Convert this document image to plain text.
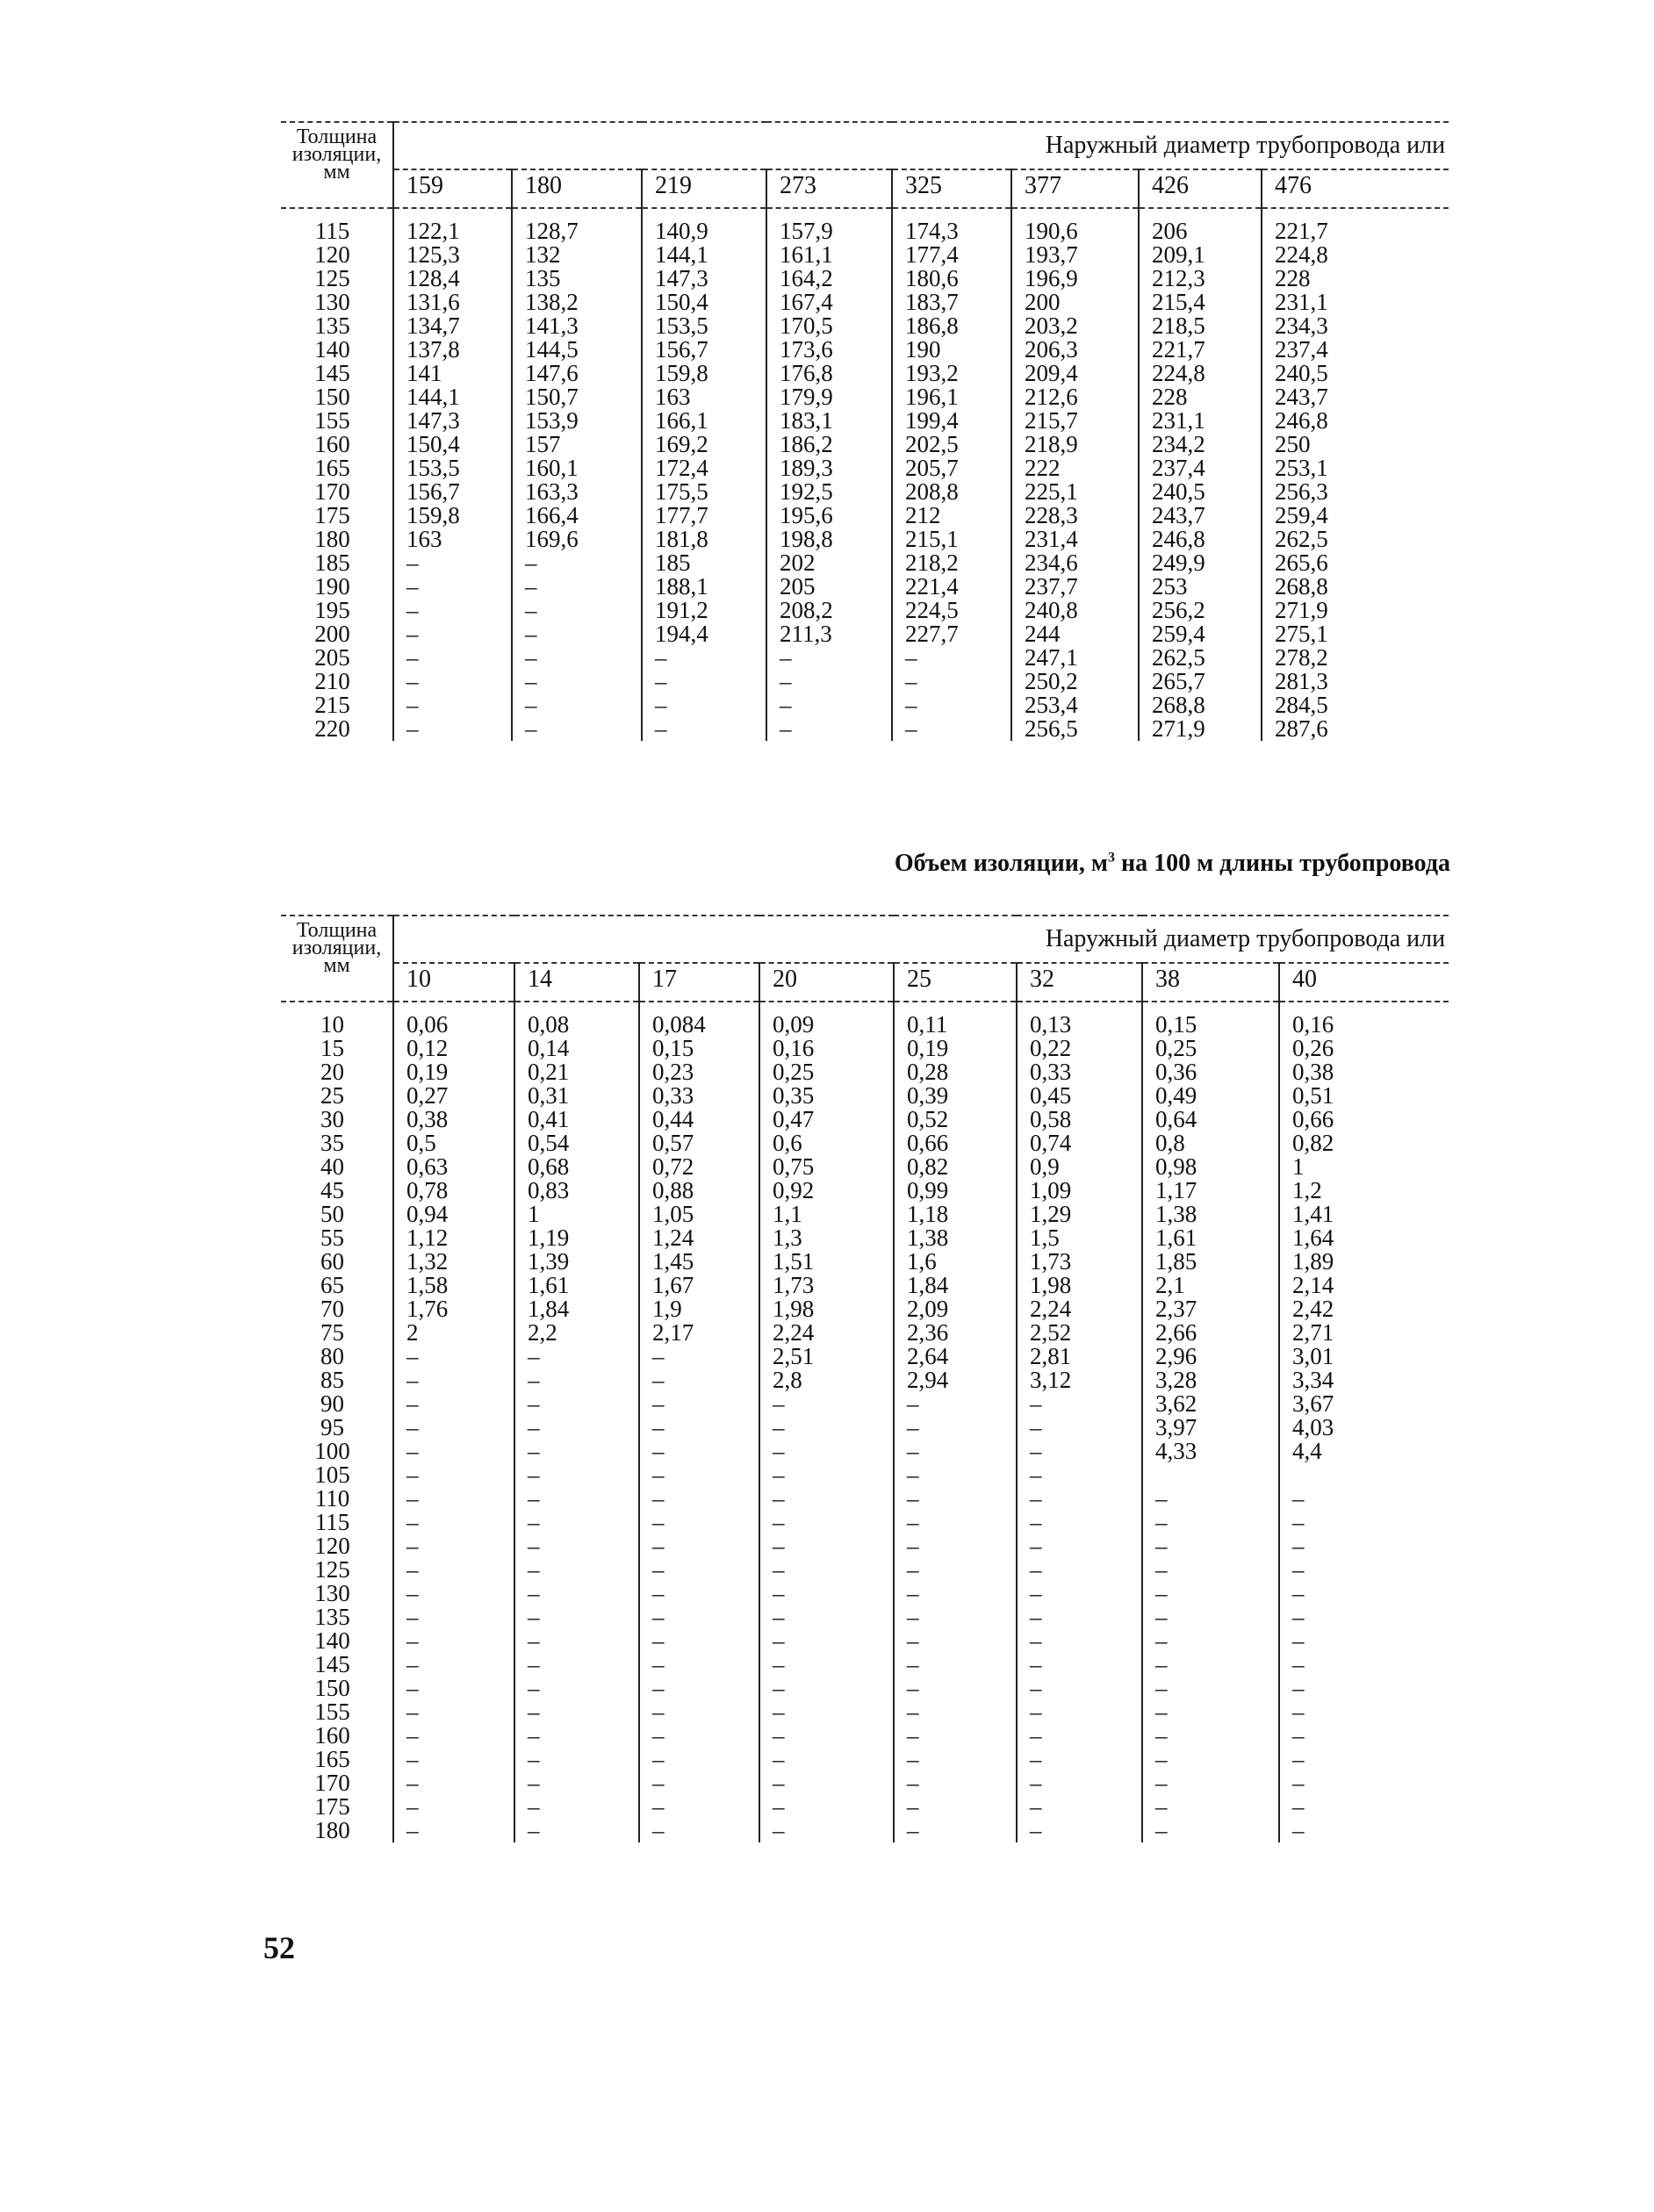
Толщина изоляции, мм	Наружный диаметр трубопровода или							
	159	180	219	273	325	377	426	476
115	122,1	128,7	140,9	157,9	174,3	190,6	206	221,7
120	125,3	132	144,1	161,1	177,4	193,7	209,1	224,8
125	128,4	135	147,3	164,2	180,6	196,9	212,3	228
130	131,6	138,2	150,4	167,4	183,7	200	215,4	231,1
135	134,7	141,3	153,5	170,5	186,8	203,2	218,5	234,3
140	137,8	144,5	156,7	173,6	190	206,3	221,7	237,4
145	141	147,6	159,8	176,8	193,2	209,4	224,8	240,5
150	144,1	150,7	163	179,9	196,1	212,6	228	243,7
155	147,3	153,9	166,1	183,1	199,4	215,7	231,1	246,8
160	150,4	157	169,2	186,2	202,5	218,9	234,2	250
165	153,5	160,1	172,4	189,3	205,7	222	237,4	253,1
170	156,7	163,3	175,5	192,5	208,8	225,1	240,5	256,3
175	159,8	166,4	177,7	195,6	212	228,3	243,7	259,4
180	163	169,6	181,8	198,8	215,1	231,4	246,8	262,5
185	–	–	185	202	218,2	234,6	249,9	265,6
190	–	–	188,1	205	221,4	237,7	253	268,8
195	–	–	191,2	208,2	224,5	240,8	256,2	271,9
200	–	–	194,4	211,3	227,7	244	259,4	275,1
205	–	–	–	–	–	247,1	262,5	278,2
210	–	–	–	–	–	250,2	265,7	281,3
215	–	–	–	–	–	253,4	268,8	284,5
220	–	–	–	–	–	256,5	271,9	287,6
Объем изоляции, $м^3$ на 100 м длины трубопровода
Толщина изоляции, мм	Наружный диаметр трубопровода или							
	10	14	17	20	25	32	38	40
10	0,06	0,08	0,084	0,09	0,11	0,13	0,15	0,16
15	0,12	0,14	0,15	0,16	0,19	0,22	0,25	0,26
20	0,19	0,21	0,23	0,25	0,28	0,33	0,36	0,38
25	0,27	0,31	0,33	0,35	0,39	0,45	0,49	0,51
30	0,38	0,41	0,44	0,47	0,52	0,58	0,64	0,66
35	0,5	0,54	0,57	0,6	0,66	0,74	0,8	0,82
40	0,63	0,68	0,72	0,75	0,82	0,9	0,98	1
45	0,78	0,83	0,88	0,92	0,99	1,09	1,17	1,2
50	0,94	1	1,05	1,1	1,18	1,29	1,38	1,41
55	1,12	1,19	1,24	1,3	1,38	1,5	1,61	1,64
60	1,32	1,39	1,45	1,51	1,6	1,73	1,85	1,89
65	1,58	1,61	1,67	1,73	1,84	1,98	2,1	2,14
70	1,76	1,84	1,9	1,98	2,09	2,24	2,37	2,42
75	2	2,2	2,17	2,24	2,36	2,52	2,66	2,71
80	–	–	–	2,51	2,64	2,81	2,96	3,01
85	–	–	–	2,8	2,94	3,12	3,28	3,34
90	–	–	–	–	–	–	3,62	3,67
95	–	–	–	–	–	–	3,97	4,03
100	–	–	–	–	–	–	4,33	4,4
105	–	–	–	–	–	–		
110	–	–	–	–	–	–	–	–
115	–	–	–	–	–	–	–	–
120	–	–	–	–	–	–	–	–
125	–	–	–	–	–	–	–	–
130	–	–	–	–	–	–	–	–
135	–	–	–	–	–	–	–	–
140	–	–	–	–	–	–	–	–
145	–	–	–	–	–	–	–	–
150	–	–	–	–	–	–	–	–
155	–	–	–	–	–	–	–	–
160	–	–	–	–	–	–	–	–
165	–	–	–	–	–	–	–	–
170	–	–	–	–	–	–	–	–
175	–	–	–	–	–	–	–	–
180	–	–	–	–	–	–	–	–
52
